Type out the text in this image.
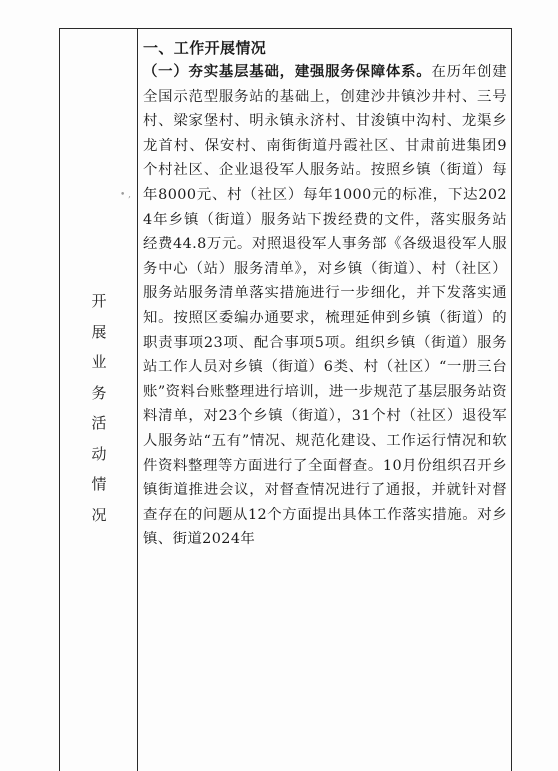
开
展
业
务
活
动
情
况
• ,

一、工作开展情况

（一）夯实基层基础，建强服务保障体系。在历年创建全国示范型服务站的基础上，创建沙井镇沙井村、三号村、梁家堡村、明永镇永济村、甘浚镇中沟村、龙渠乡龙首村、保安村、南街街道丹霞社区、甘肃前进集团9个村社区、企业退役军人服务站。按照乡镇（街道）每年8000元、村（社区）每年1000元的标准，下达2024年乡镇（街道）服务站下拨经费的文件，落实服务站经费44.8万元。对照退役军人事务部《各级退役军人服务中心（站）服务清单》，对乡镇（街道）、村（社区）服务站服务清单落实措施进行一步细化，并下发落实通知。按照区委编办通要求，梳理延伸到乡镇（街道）的职责事项23项、配合事项5项。组织乡镇（街道）服务站工作人员对乡镇（街道）6类、村（社区）“一册三台账”资料台账整理进行培训，进一步规范了基层服务站资料清单，对23个乡镇（街道），31个村（社区）退役军人服务站“五有”情况、规范化建设、工作运行情况和软件资料整理等方面进行了全面督查。10月份组织召开乡镇街道推进会议，对督查情况进行了通报，并就针对督查存在的问题从12个方面提出具体工作落实措施。对乡镇、街道2024年
